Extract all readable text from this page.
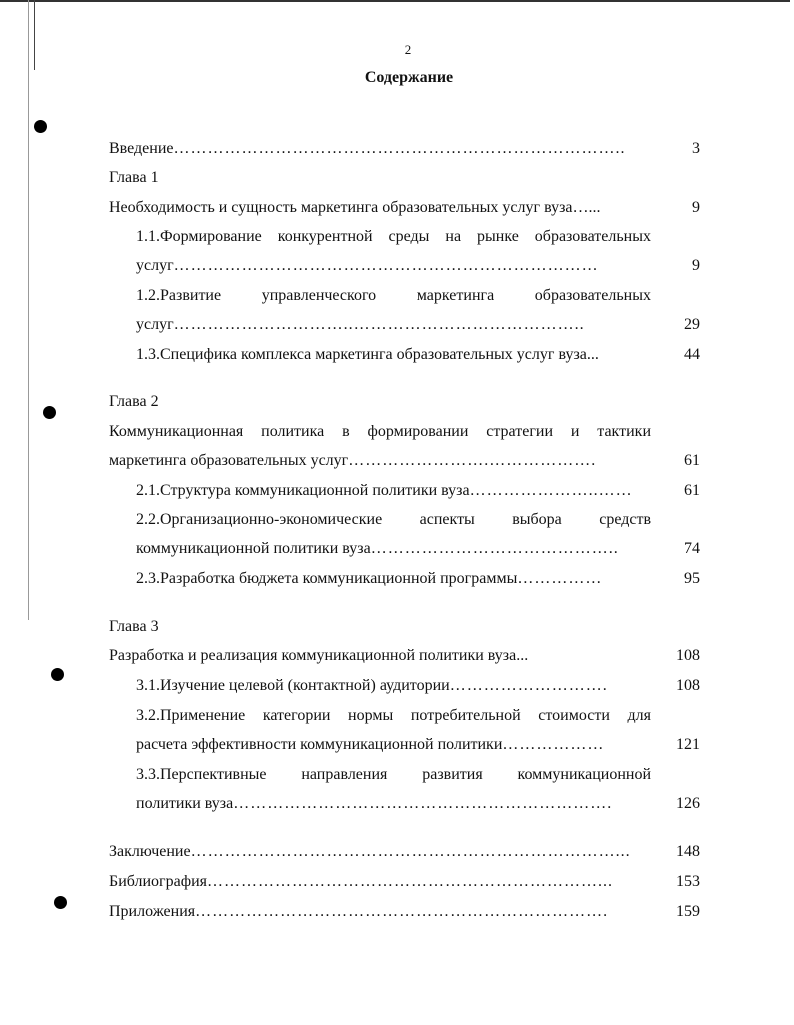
2
Содержание
Введение ……………………………………………………………………..	3
Глава 1
Необходимость и сущность маркетинга образовательных услуг вуза…...	9
1.1.Формирование конкурентной среды на рынке образовательных
услуг …………………………………………………………………	9
1.2.Развитие управленческого маркетинга образовательных
услуг …………………………..…………………………………..	29
1.3.Специфика комплекса маркетинга образовательных услуг вуза...	44
Глава 2
Коммуникационная политика в формировании стратегии и тактики
маркетинга образовательных услуг …………………….……………….	61
2.1.Структура коммуникационной политики вуза …………………..……	61
2.2.Организационно-экономические аспекты выбора средств
коммуникационной политики вуза ……………………………………..	74
2.3.Разработка бюджета коммуникационной программы ……………	95
Глава 3
Разработка и реализация коммуникационной политики вуза...	108
3.1.Изучение целевой (контактной) аудитории ……………………….	108
3.2.Применение категории нормы потребительной стоимости для
расчета эффективности коммуникационной политики ………………	121
3.3.Перспективные направления развития коммуникационной
политики вуза ………………………………………………………….	126
Заключение …………………………………………………………………...	148
Библиография ……………………………………………………………...	153
Приложения ……………………………………………………………….	159
